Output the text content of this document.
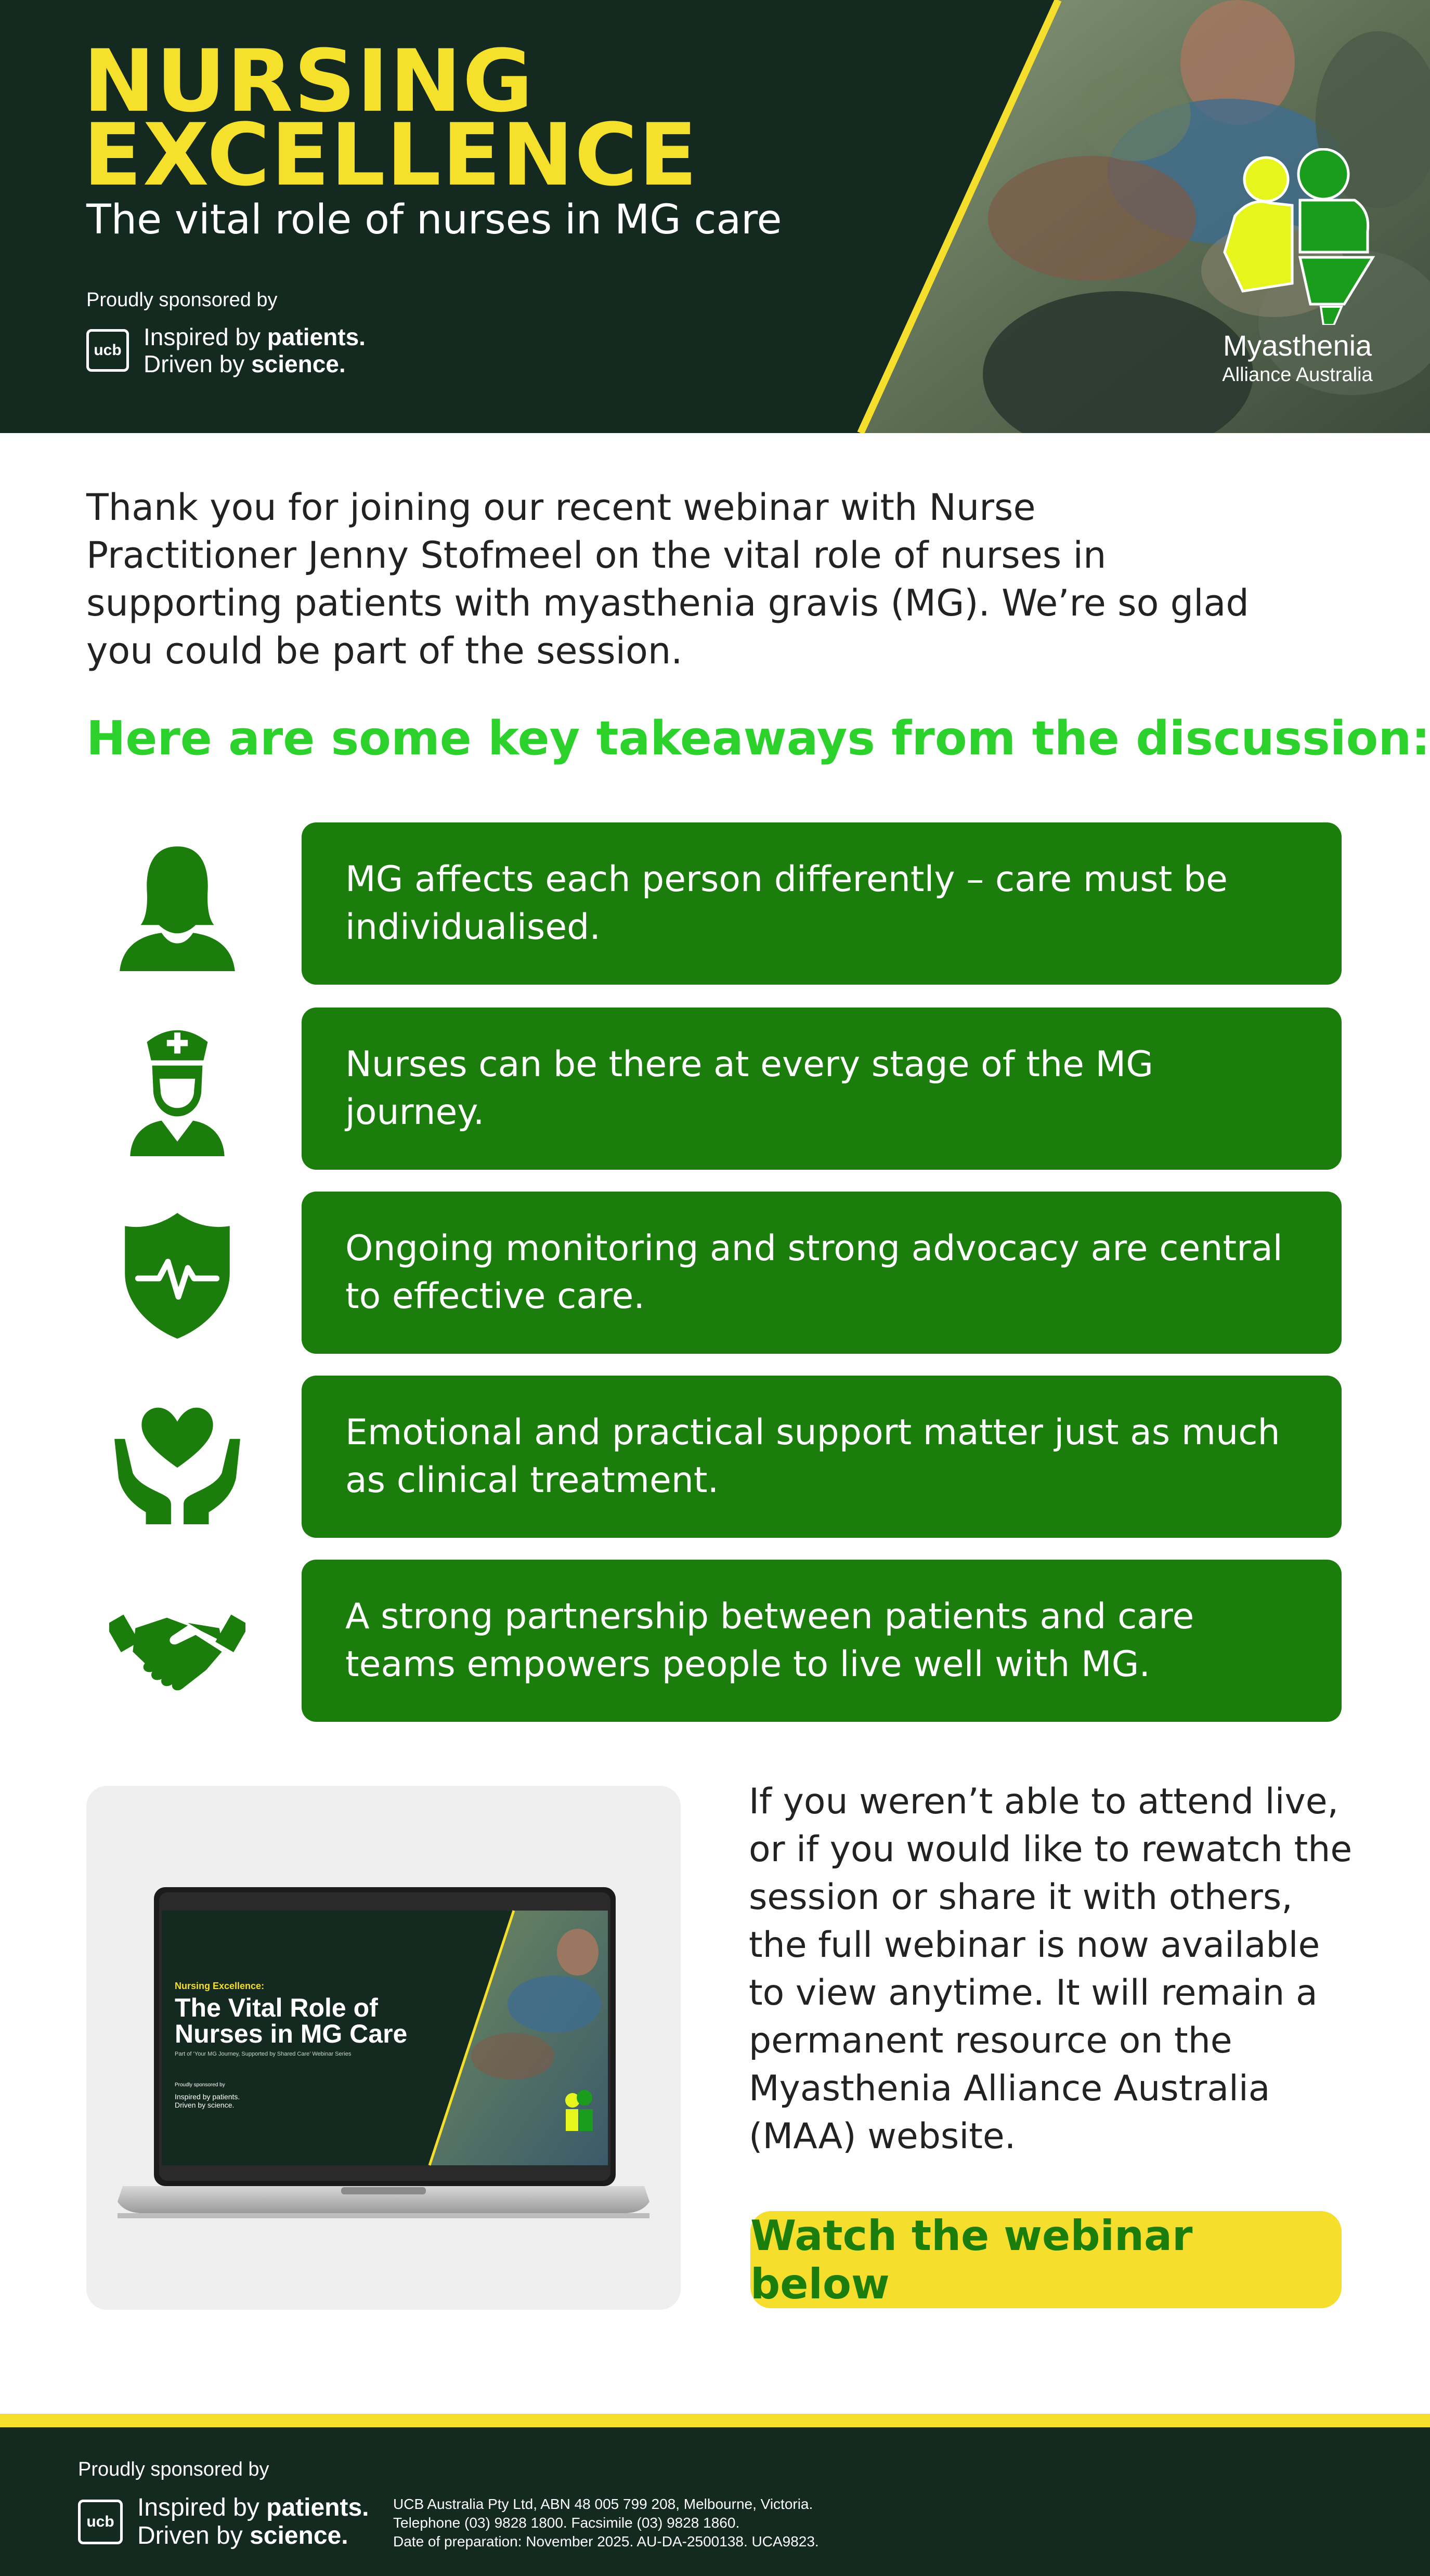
NURSING
EXCELLENCE

The vital role of nurses in MG care

Proudly sponsored by
ucb Inspired by patients.
Driven by science.
Myasthenia
Alliance Australia

Thank you for joining our recent webinar with Nurse Practitioner Jenny Stofmeel on the vital role of nurses in supporting patients with myasthenia gravis (MG). We’re so glad you could be part of the session.

Here are some key takeaways from the discussion:
MG affects each person differently – care must be individualised.
Nurses can be there at every stage of the MG journey.
Ongoing monitoring and strong advocacy are central to effective care.
Emotional and practical support matter just as much as clinical treatment.
A strong partnership between patients and care teams empowers people to live well with MG.
Nursing Excellence:
The Vital Role of
Nurses in MG Care
Part of ‘Your MG Journey, Supported by Shared Care’ Webinar Series
Proudly sponsored by
Inspired by patients.
Driven by science.

If you weren’t able to attend live, or if you would like to rewatch the session or share it with others, the full webinar is now available to view anytime. It will remain a permanent resource on the Myasthenia Alliance Australia (MAA) website.

Watch the webinar below
Proudly sponsored by
ucb
Inspired by patients.
Driven by science.
UCB Australia Pty Ltd, ABN 48 005 799 208, Melbourne, Victoria.
Telephone (03) 9828 1800. Facsimile (03) 9828 1860.
Date of preparation: November 2025. AU-DA-2500138. UCA9823.
